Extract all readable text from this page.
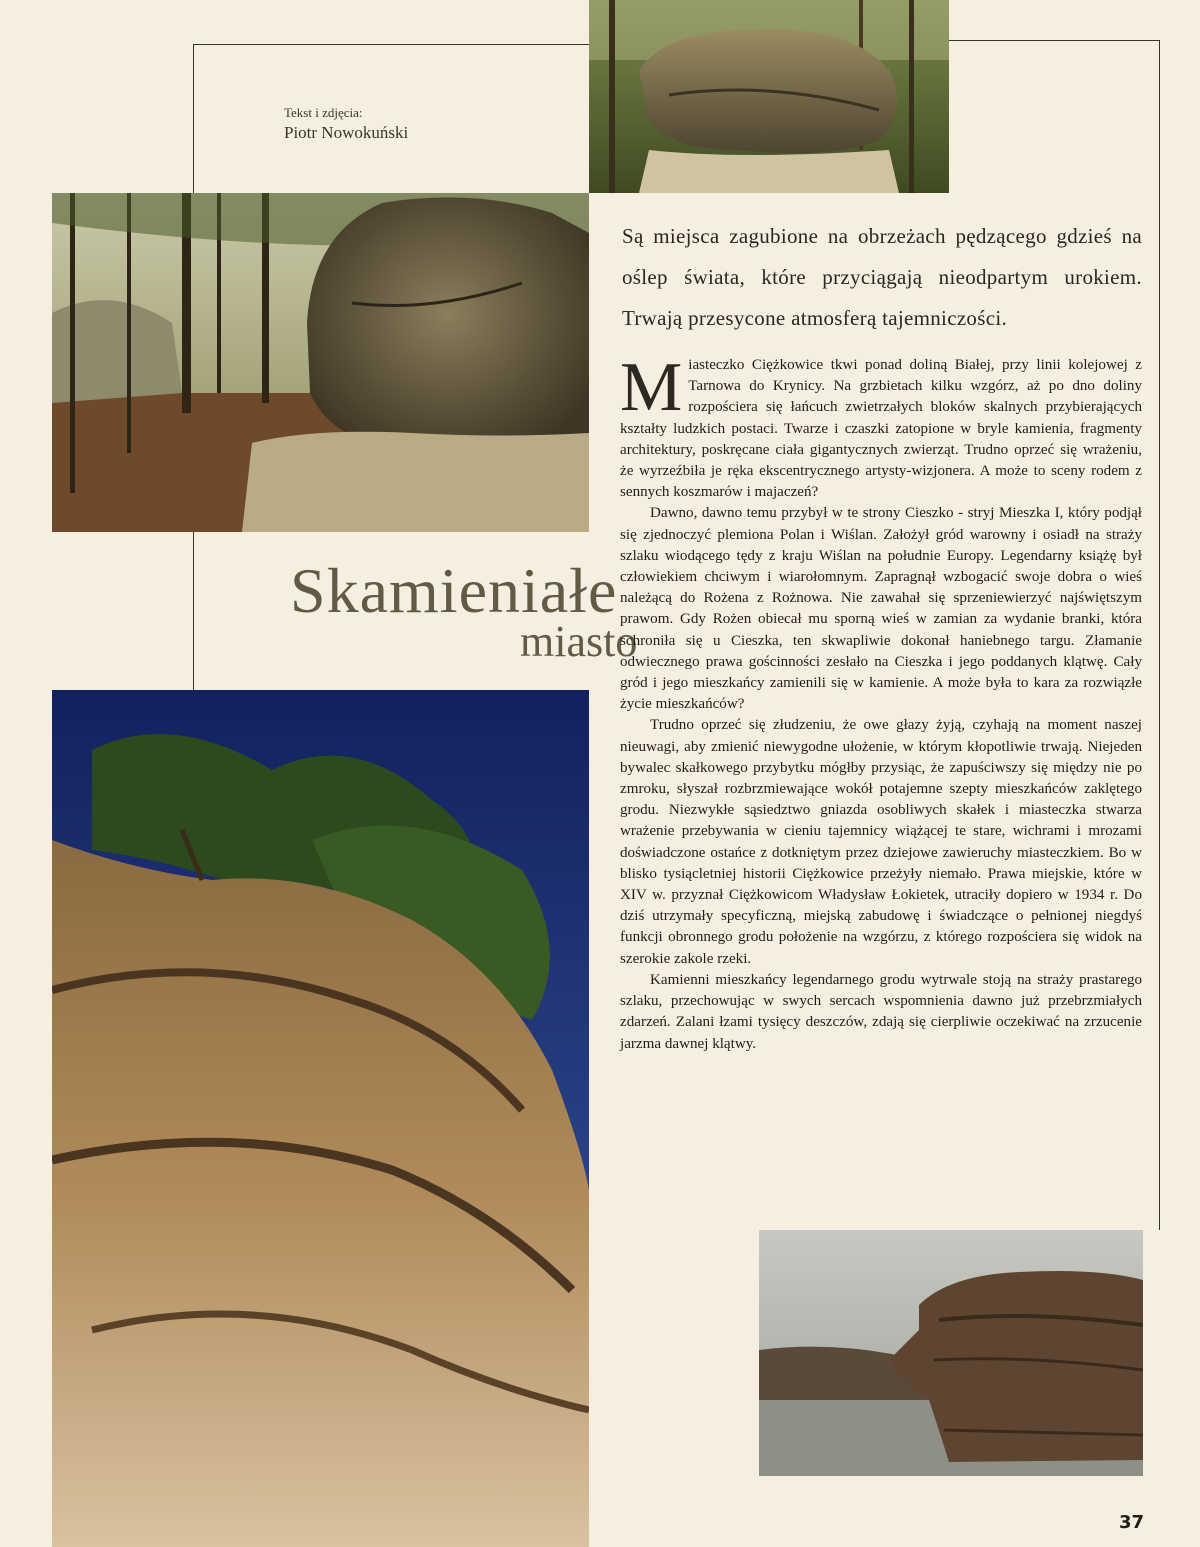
Tekst i zdjęcia:
Piotr Nowokuński

Są miejsca zagubione na obrzeżach pędzącego gdzieś na oślep świata, które przyciągają nieodpartym urokiem. Trwają przesycone atmosferą tajemniczości.

Skamieniałe
miasto

Miasteczko Ciężkowice tkwi ponad doliną Białej, przy linii kolejowej z Tarnowa do Krynicy. Na grzbietach kilku wzgórz, aż po dno doliny rozpościera się łańcuch zwietrzałych bloków skalnych przybierających kształty ludzkich postaci. Twarze i czaszki zatopione w bryle kamienia, fragmenty architektury, poskręcane ciała gigantycznych zwierząt. Trudno oprzeć się wrażeniu, że wyrzeźbiła je ręka ekscentrycznego artysty-wizjonera. A może to sceny rodem z sennych koszmarów i majaczeń?

Dawno, dawno temu przybył w te strony Cieszko - stryj Mieszka I, który podjął się zjednoczyć plemiona Polan i Wiślan. Założył gród warowny i osiadł na straży szlaku wiodącego tędy z kraju Wiślan na południe Europy. Legendarny książę był człowiekiem chciwym i wiarołomnym. Zapragnął wzbogacić swoje dobra o wieś należącą do Rożena z Rożnowa. Nie zawahał się sprzeniewierzyć najświętszym prawom. Gdy Rożen obiecał mu sporną wieś w zamian za wydanie branki, która schroniła się u Cieszka, ten skwapliwie dokonał haniebnego targu. Złamanie odwiecznego prawa gościnności zesłało na Cieszka i jego poddanych klątwę. Cały gród i jego mieszkańcy zamienili się w kamienie. A może była to kara za rozwiązłe życie mieszkańców?

Trudno oprzeć się złudzeniu, że owe głazy żyją, czyhają na moment naszej nieuwagi, aby zmienić niewygodne ułożenie, w którym kłopotliwie trwają. Niejeden bywalec skałkowego przybytku mógłby przysiąc, że zapuściwszy się między nie po zmroku, słyszał rozbrzmiewające wokół potajemne szepty mieszkańców zaklętego grodu. Niezwykłe sąsiedztwo gniazda osobliwych skałek i miasteczka stwarza wrażenie przebywania w cieniu tajemnicy wiążącej te stare, wichrami i mrozami doświadczone ostańce z dotkniętym przez dziejowe zawieruchy miasteczkiem. Bo w blisko tysiącletniej historii Ciężkowice przeżyły niemało. Prawa miejskie, które w XIV w. przyznał Ciężkowicom Władysław Łokietek, utraciły dopiero w 1934 r. Do dziś utrzymały specyficzną, miejską zabudowę i świadczące o pełnionej niegdyś funkcji obronnego grodu położenie na wzgórzu, z którego rozpościera się widok na szerokie zakole rzeki.

Kamienni mieszkańcy legendarnego grodu wytrwale stoją na straży prastarego szlaku, przechowując w swych sercach wspomnienia dawno już przebrzmiałych zdarzeń. Zalani łzami tysięcy deszczów, zdają się cierpliwie oczekiwać na zrzucenie jarzma dawnej klątwy.

37
